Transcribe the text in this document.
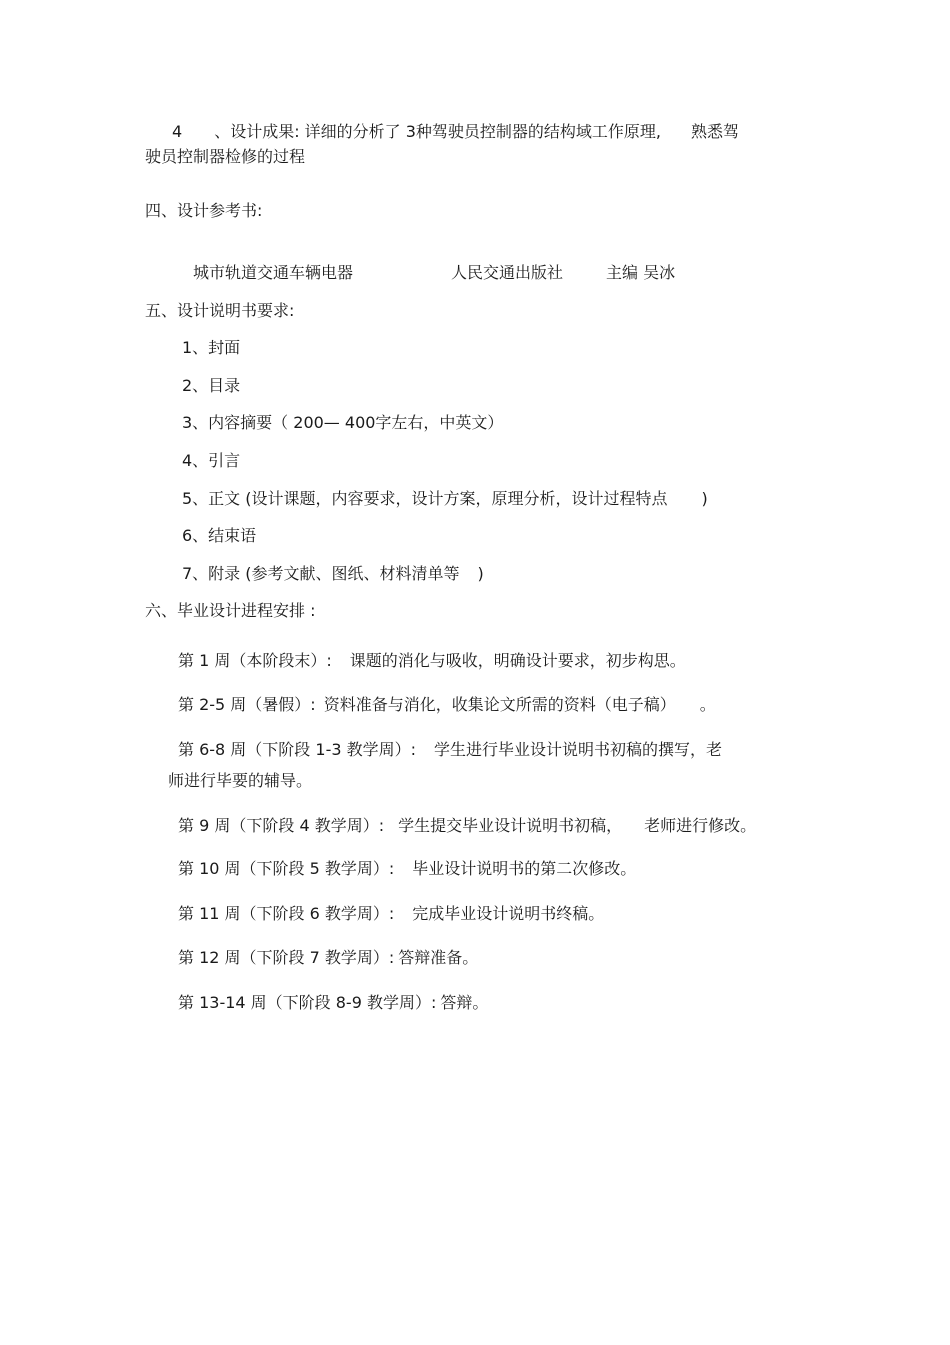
4 、设计成果: 详细的分析了 3种驾驶员控制器的结构域工作原理, 熟悉驾
驶员控制器检修的过程
四、设计参考书:
城市轨道交通车辆电器	人民交通出版社	主编 吴冰
五、设计说明书要求:
1、封面
2、目录
3、内容摘要（ 200— 400字左右，中英文）
4、引言
5、正文 (设计课题，内容要求，设计方案，原理分析，设计过程特点 )
6、结束语
7、附录 (参考文献、图纸、材料清单等 )
六、毕业设计进程安排 :
第 1 周（本阶段末）: 课题的消化与吸收，明确设计要求，初步构思。
第 2-5 周（暑假）: 资料准备与消化，收集论文所需的资料（电子稿） 。
第 6-8 周（下阶段 1-3 教学周）: 学生进行毕业设计说明书初稿的撰写，老
师进行毕要的辅导。
第 9 周（下阶段 4 教学周）: 学生提交毕业设计说明书初稿， 老师进行修改。
第 10 周（下阶段 5 教学周）: 毕业设计说明书的第二次修改。
第 11 周（下阶段 6 教学周）: 完成毕业设计说明书终稿。
第 12 周（下阶段 7 教学周）: 答辩准备。
第 13-14 周（下阶段 8-9 教学周）: 答辩。
